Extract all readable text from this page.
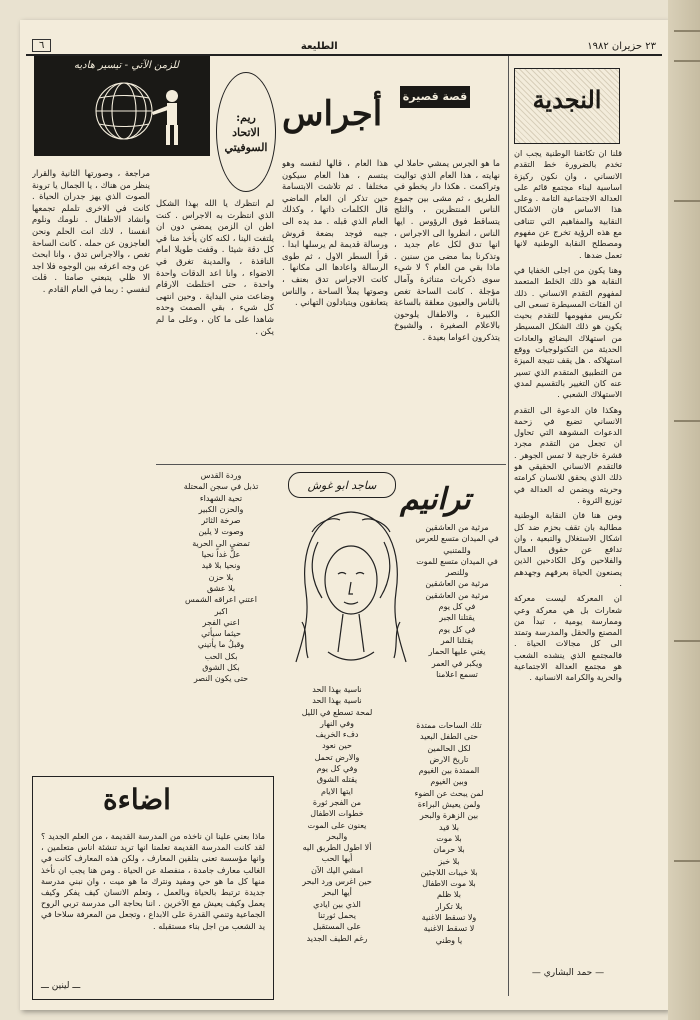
٦	الطليعة	٢٣ حزيران ١٩٨٢
للزمن الآتي - تيسير هاديه
ريم: الاتحاد السوفيتي
أجراس قصة قصيرة
ما هو الجرس يمشي حاملا لي نهايته ، هذا العام الذي تواليت وتراكمت . هكذا دار يخطو في الطريق ، ثم مشى بين جموع الناس المنتظرين ، والثلج يتساقط فوق الرؤوس . ايها الناس ، انظروا الى الاجراس ، انها تدق لكل عام جديد ، وتذكرنا بما مضى من سنين . ماذا بقي من العام ؟ لا شيء سوى ذكريات متناثرة وآمال مؤجلة . كانت الساحة تغص بالناس والعيون معلقة بالساعة الكبيرة ، والاطفال يلوحون بالاعلام الصغيرة ، والشيوخ يتذكرون اعواما بعيدة .
هذا العام ، قالها لنفسه وهو يبتسم ، هذا العام سيكون مختلفا . ثم تلاشت الابتسامة حين تذكر ان العام الماضي قال الكلمات ذاتها ، وكذلك العام الذي قبله . مد يده الى جيبه فوجد بضعة قروش ورسالة قديمة لم يرسلها ابدا . قرأ السطر الاول ، ثم طوى الرسالة واعادها الى مكانها . كانت الاجراس تدق بعنف ، وصوتها يملأ الساحة ، والناس يتعانقون ويتبادلون التهاني .
لم انتظرك يا الله بهذا الشكل الذي انتظرت به الاجراس . كنت اظن ان الزمن يمضي دون ان يلتفت الينا ، لكنه كان يأخذ منا في كل دقة شيئا . وقفت طويلا امام النافذة ، والمدينة تغرق في الاضواء ، وانا اعد الدقات واحدة واحدة ، حتى اختلطت الارقام وضاعت مني البداية . وحين انتهى كل شيء ، بقي الصمت وحده شاهدا على ما كان ، وعلى ما لم يكن .
مراجعة ، وصورتها الثانية والقرار ينظر من هناك ، يا الجمال يا ترونة الصوت الذي يهز جدران الحياة . كانت في الاخرى تلملم تجمعها وانشاد الاطفال . نلومك ونلوم انفسنا ، لانك انت الحلم ونحن العاجزون عن حمله . كانت الساحة تغص ، والاجراس تدق ، وانا ابحث عن وجه اعرفه بين الوجوه فلا اجد الا ظلي يتبعني صامتا . قلت لنفسي : ربما في العام القادم .
النجدية

قلنا ان تكاتفنا الوطنية يجب ان تخدم بالضرورة خط التقدم الانساني ، وان نكون ركيزة اساسية لبناء مجتمع قائم على العدالة الاجتماعية التامة . وعلى هذا الاساس فان الاشكال النقابية والمفاهيم التي تتنافى مع هذه الرؤية تخرج عن مفهوم ومصطلح النقابة الوطنية لانها تعمل ضدها .

وهنا يكون من اجلى الخفايا في النقابة هو ذلك الخلط المتعمد لمفهوم التقدم الانساني . ذلك ان الفئات المسيطرة تسعى الى تكريس مفهومها للتقدم بحيث يكون هو ذلك الشكل المسيطر من استهلاك البضائع والعادات الحديثة من التكنولوجيات ووقع استهلاكه . هل يقف نتيجة الميزة من التطبيق المتقدم الذي تسير عنه كان التغيير بالتقسيم لمدي الاستهلاك الشعبي .

وهكذا فان الدعوة الى التقدم الانساني تضيع في زحمة الدعوات المشوهة التي تحاول ان تجعل من التقدم مجرد قشرة خارجية لا تمس الجوهر . فالتقدم الانساني الحقيقي هو ذلك الذي يحقق للانسان كرامته وحريته ويضمن له العدالة في توزيع الثروة .

ومن هنا فان النقابة الوطنية مطالبة بان تقف بحزم ضد كل اشكال الاستغلال والتبعية ، وان تدافع عن حقوق العمال والفلاحين وكل الكادحين الذين يصنعون الحياة بعرقهم وجهدهم .

ان المعركة ليست معركة شعارات بل هي معركة وعي وممارسة يومية ، تبدأ من المصنع والحقل والمدرسة وتمتد الى كل مجالات الحياة . فالمجتمع الذي ينشده الشعب هو مجتمع العدالة الاجتماعية والحرية والكرامة الانسانية .

— حمد البشاري —
ترانيم
ساجد ابو غوش
مرثية من العاشقين
في الميدان متسع للعرس
وللمتنبي
في الميدان متسع للموت
وللنصر
مرثية من العاشقين
مرثية من العاشقين
في كل يوم
يقتلنا الجبر
في كل يوم
يقتلنا المر
يغني عليها الحمار
ويكبر في العمر
تسمع اعلامنا
وردة القدس
تذبل في سجن المحتلة
تحية الشهداء
والحزن الكبير
صرخة الثائر
وصوت لا يلين
تمضي الى الحرية
علَّ غداً نحيا
ونحيا بلا قيد
بلا حزن
بلا عشق
اعتني اعراقه الشمس
اكبر
اعني الفجر
حيثما سيأتي
وقبلُ ما يأتيني
بكل الحب
بكل الشوق
حتى يكون النصر
ناسية بهذا الحد
ناسية بهذا الحد
لمحة تسطع في الليل
وفي النهار
دفء الخريف
حين نعود
والارض تحمل
وفي كل يوم
يقتله الشوق
ايتها الايام
من الفجر ثورة
خطوات الاطفال
يعنون على الموت
والبحر
ألا اطول الطريق اليه
أيها الحب
امشي اليك الآن
حين اغرس ورد البحر
أيها البحر
الذي بين ايادي
يحمل ثورتنا
على المستقبل
رغم الطيف الجديد
تلك الساحات ممتدة
حتى الطفل البعيد
لكل الحالمين
تاريخ الارض
الممتدة بين الغيوم
وبين الغيوم
لمن يبحث عن الضوء
ولمن يعيش البراءة
بين الزهرة والبحر
بلا قيد
بلا موت
بلا حرمان
بلا خبز
بلا خيبات اللاجئين
بلا موت الاطفال
بلا ظلم
بلا تكرار
ولا تسقط الاغنية
لا تسقط الاغنية
يا وطني
اضاءة
ماذا بعني علينا ان ناخذه من المدرسة القديمة ، من العلم الجديد ؟ لقد كانت المدرسة القديمة تعلمنا انها تريد تنشئة اناس متعلمين ، وانها مؤسسة تعنى بتلقين المعارف ، ولكن هذه المعارف كانت في الغالب معارف جامدة ، منفصلة عن الحياة . ومن هنا يجب ان نأخذ منها كل ما هو حي ومفيد ونترك ما هو ميت ، وان نبني مدرسة جديدة ترتبط بالحياة وبالعمل ، وتعلم الانسان كيف يفكر وكيف يعمل وكيف يعيش مع الآخرين . اننا بحاجة الى مدرسة تربي الروح الجماعية وتنمي القدرة على الابداع ، وتجعل من المعرفة سلاحا في يد الشعب من اجل بناء مستقبله .
ـــ لينين ـــ
